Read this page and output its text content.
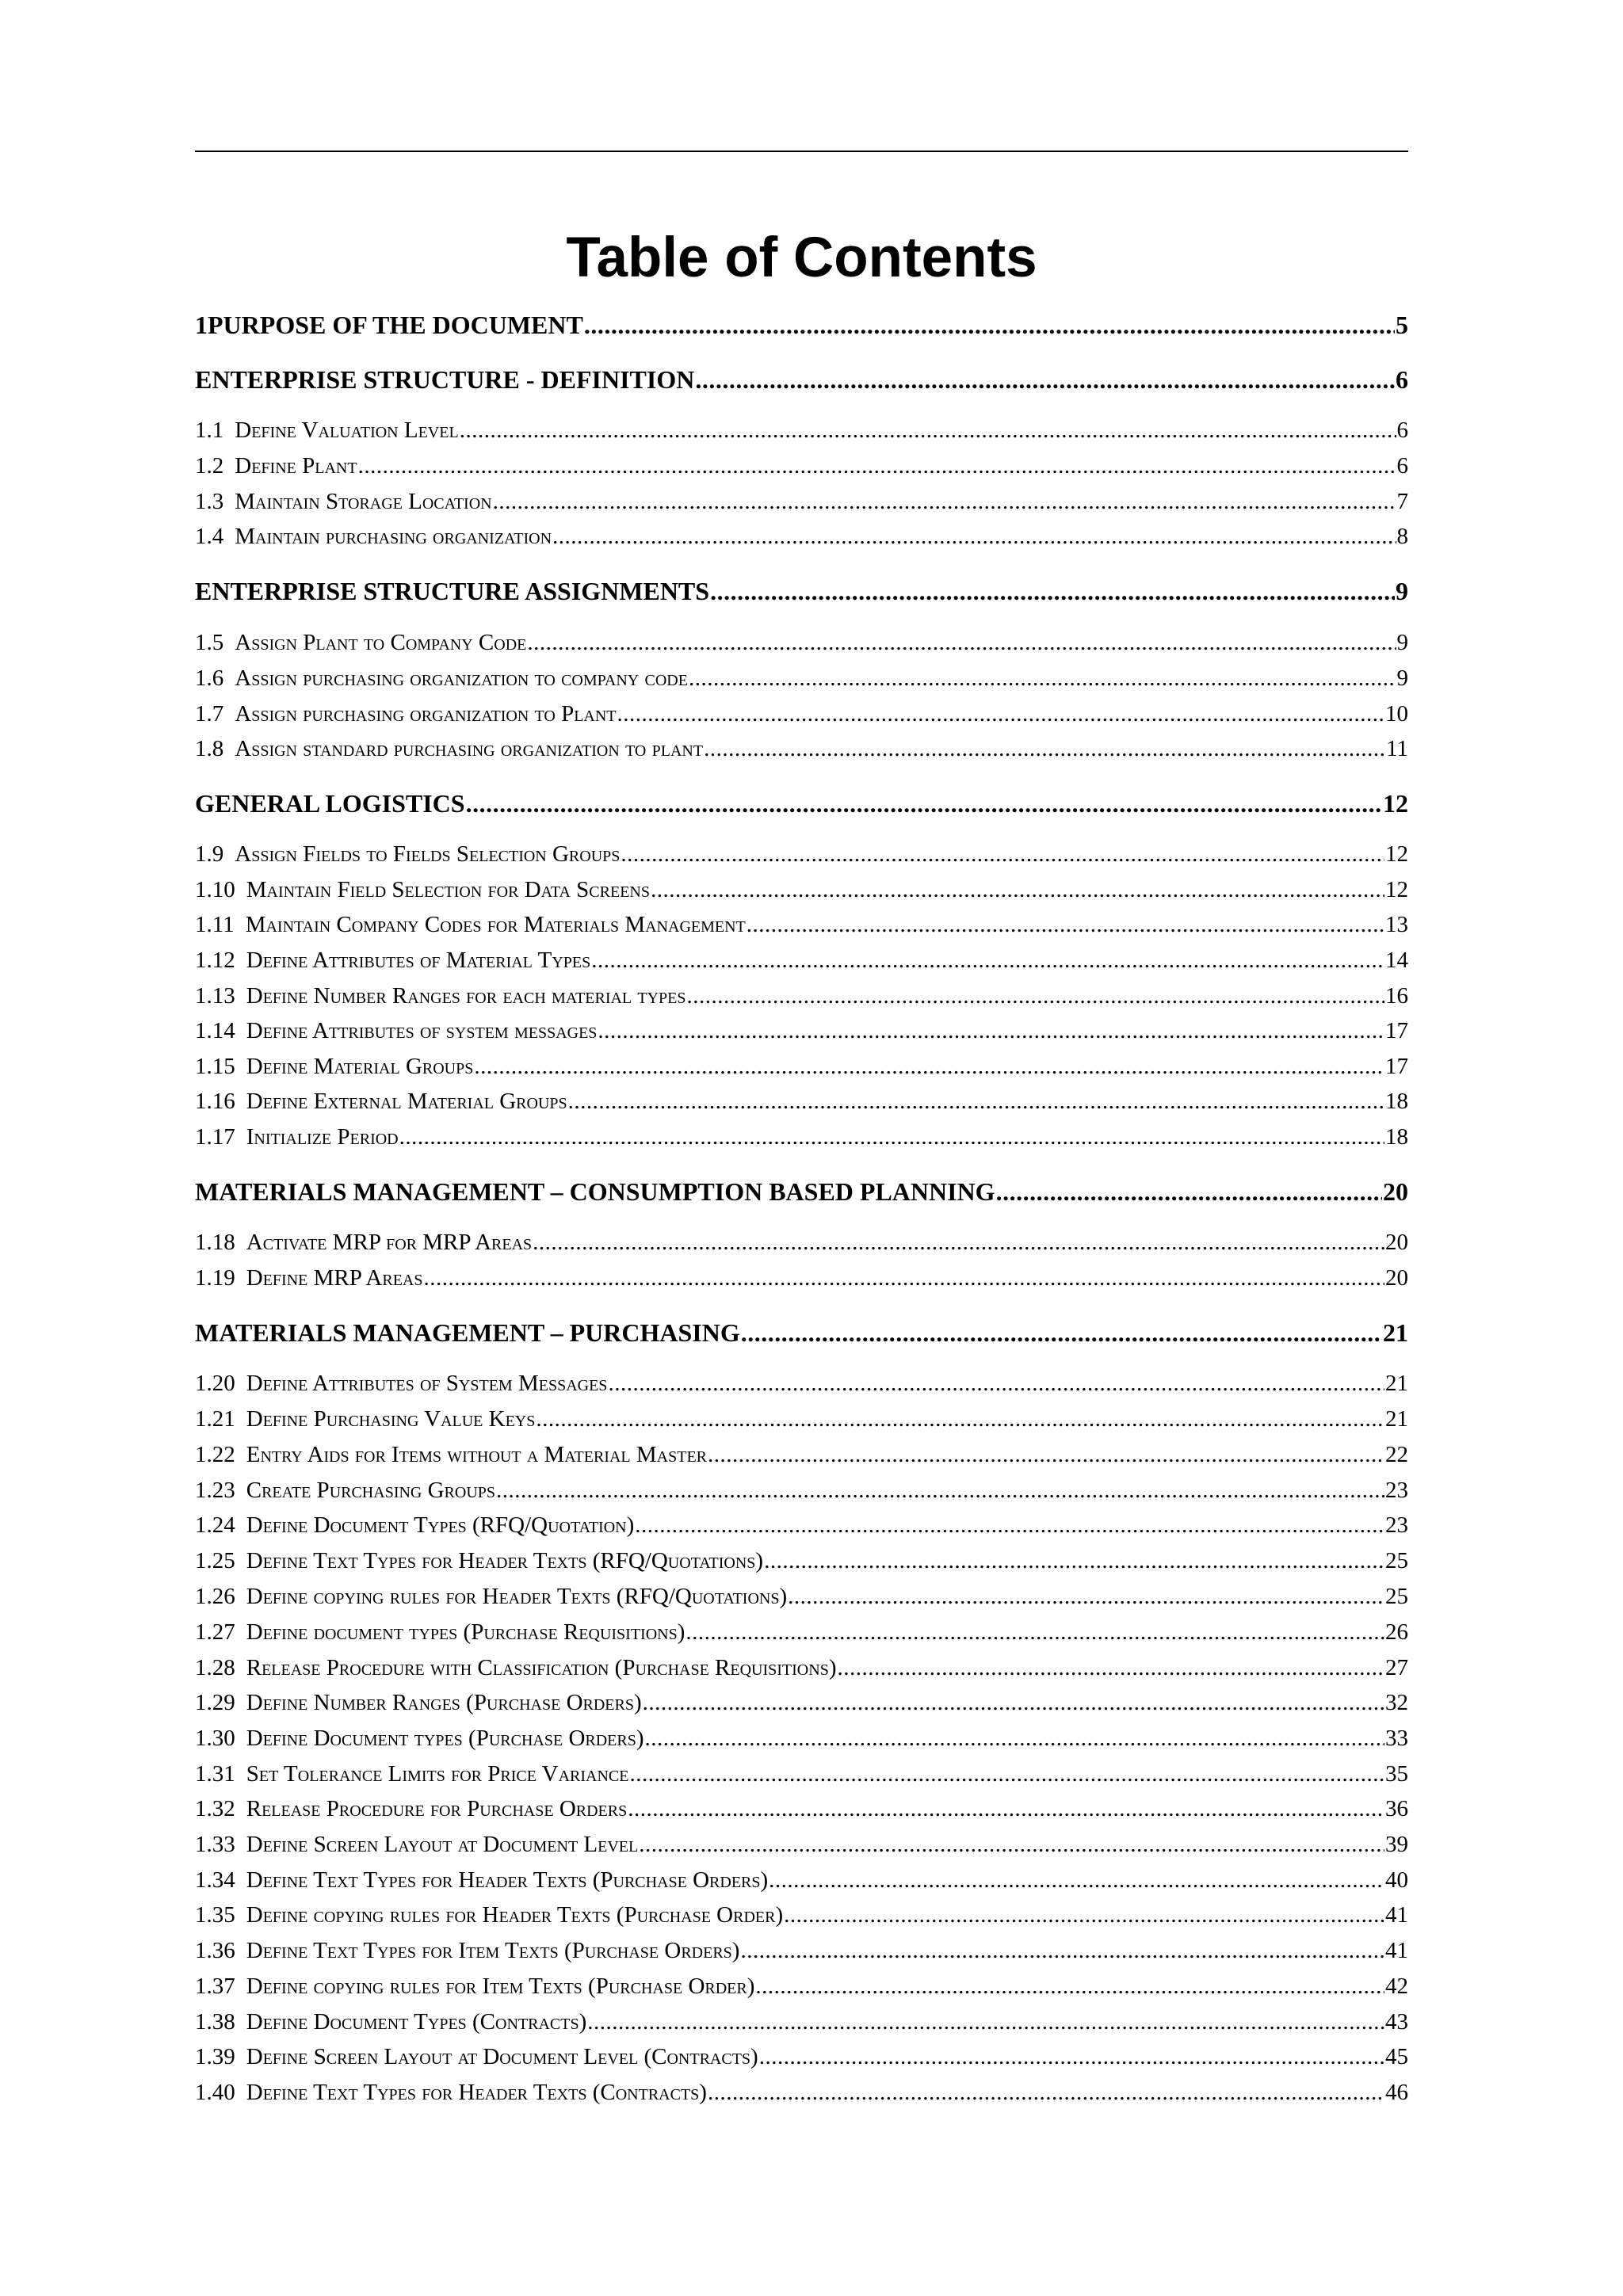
Table of Contents
1 PURPOSE OF THE DOCUMENT .....	5
ENTERPRISE STRUCTURE - DEFINITION .....	6
1.1 Define Valuation Level .....	6
1.2 Define Plant .....	6
1.3 Maintain Storage Location .....	7
1.4 Maintain purchasing organization .....	8
ENTERPRISE STRUCTURE ASSIGNMENTS .....	9
1.5 Assign Plant to Company Code .....	9
1.6 Assign purchasing organization to company code .....	9
1.7 Assign purchasing organization to Plant .....	10
1.8 Assign standard purchasing organization to plant .....	11
GENERAL LOGISTICS .....	12
1.9 Assign Fields to Fields Selection Groups .....	12
1.10 Maintain Field Selection for Data Screens .....	12
1.11 Maintain Company Codes for Materials Management .....	13
1.12 Define Attributes of Material Types .....	14
1.13 Define Number Ranges for each material types .....	16
1.14 Define Attributes of system messages .....	17
1.15 Define Material Groups .....	17
1.16 Define External Material Groups .....	18
1.17 Initialize Period .....	18
MATERIALS MANAGEMENT – CONSUMPTION BASED PLANNING .....	20
1.18 Activate MRP for MRP Areas .....	20
1.19 Define MRP Areas .....	20
MATERIALS MANAGEMENT – PURCHASING .....	21
1.20 Define Attributes of System Messages .....	21
1.21 Define Purchasing Value Keys .....	21
1.22 Entry Aids for Items without a Material Master .....	22
1.23 Create Purchasing Groups .....	23
1.24 Define Document Types (RFQ/Quotation) .....	23
1.25 Define Text Types for Header Texts (RFQ/Quotations) .....	25
1.26 Define copying rules for Header Texts (RFQ/Quotations) .....	25
1.27 Define document types (Purchase Requisitions) .....	26
1.28 Release Procedure with Classification (Purchase Requisitions) .....	27
1.29 Define Number Ranges (Purchase Orders) .....	32
1.30 Define Document types (Purchase Orders) .....	33
1.31 Set Tolerance Limits for Price Variance .....	35
1.32 Release Procedure for Purchase Orders .....	36
1.33 Define Screen Layout at Document Level .....	39
1.34 Define Text Types for Header Texts (Purchase Orders) .....	40
1.35 Define copying rules for Header Texts (Purchase Order) .....	41
1.36 Define Text Types for Item Texts (Purchase Orders) .....	41
1.37 Define copying rules for Item Texts (Purchase Order) .....	42
1.38 Define Document Types (Contracts) .....	43
1.39 Define Screen Layout at Document Level (Contracts) .....	45
1.40 Define Text Types for Header Texts (Contracts) .....	46
